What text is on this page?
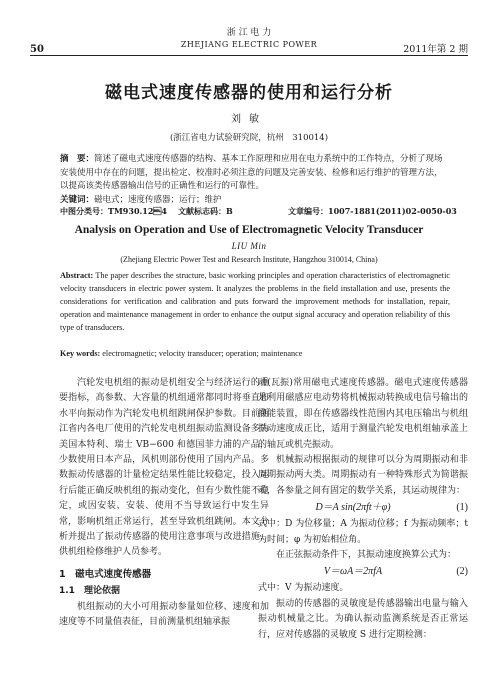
50
浙 江 电 力
ZHEJIANG ELECTRIC POWER	2011年第 2 期
磁电式速度传感器的使用和运行分析
刘敏
(浙江省电力试验研究院，杭州　310014)
摘　要：简述了磁电式速度传感器的结构、基本工作原理和应用在电力系统中的工作特点，分析了现场安装使用中存在的问题，提出检定、校准时必须注意的问题及完善安装、检修和运行维护的管理方法，以提高该类传感器输出信号的正确性和运行的可靠性。
关键词：磁电式；速度传感器；运行；维护
中图分类号：TM930.124 文献标志码：B	文章编号：1007-1881(2011)02-0050-03
Analysis on Operation and Use of Electromagnetic Velocity Transducer
LIU Min
(Zhejiang Electric Power Test and Research Institute, Hangzhou 310014, China)
Abstract: The paper describes the structure, basic working principles and operation characteristics of electromagnetic velocity transducers in electric power system. It analyzes the problems in the field installation and use, presents the considerations for verification and calibration and puts forward the improvement methods for installation, repair, operation and maintenance management in order to enhance the output signal accuracy and operation reliability of this type of transducers.
Key words: electromagnetic; velocity transducer; operation; maintenance

汽轮发电机组的振动是机组安全与经济运行的重要指标，高参数、大容量的机组通常都同时将垂直和水平向振动作为汽轮发电机组跳闸保护参数。目前浙江省内各电厂使用的汽轮发电机组振动监测设备多为美国本特利、瑞士 VB−600 和德国菲力浦的产品，少数使用日本产品，风机则部份使用了国内产品。多数振动传感器的计量检定结果性能比较稳定，投入运行后能正确反映机组的振动变化，但有少数性能不稳定，或因安装、安装、使用不当导致运行中发生异常，影响机组正常运行，甚至导致机组跳闸。本文分析并提出了振动传感器的使用注意事项与改进措施，供机组检修维护人员参考。

1　磁电式速度传感器
1.1　理论依据

机组振动的大小可用振动参量如位移、速度和加速度等不同量值表征，目前测量机组轴承振

动(瓦振)常用磁电式速度传感器。磁电式速度传感器是利用磁感应电动势将机械振动转换成电信号输出的换能装置，即在传感器线性范围内其电压输出与机组振动速度成正比，适用于测量汽轮发电机组轴承盖上的轴瓦或机壳振动。

机械振动根据振动的规律可以分为周期振动和非周期振动两大类。周期振动有一种特殊形式为简谐振动，各参量之间有固定的数学关系，其运动规律为：

D＝A sin(2πft＋φ)	(1)

式中：D 为位移量；A 为振动位移；f 为振动频率；t 为时间；φ 为初始相位角。

在正弦振动条件下，其振动速度换算公式为：

V＝ωA＝2πfA	(2)

式中：V 为振动速度。

振动的传感器的灵敏度是传感器输出电量与输入振动机械量之比。为确认振动监测系统是否正常运行，应对传感器的灵敏度 S 进行定期检测：
